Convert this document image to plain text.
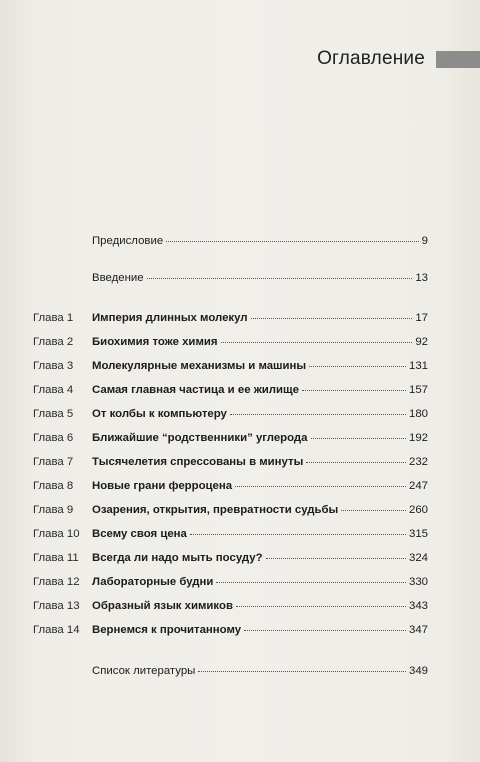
Оглавление
Предисловие	9
Введение	13
Глава 1 Империя длинных молекул	17
Глава 2 Биохимия тоже химия	92
Глава 3 Молекулярные механизмы и машины	131
Глава 4 Самая главная частица и ее жилище	157
Глава 5 От колбы к компьютеру	180
Глава 6 Ближайшие “родственники” углерода	192
Глава 7 Тысячелетия спрессованы в минуты	232
Глава 8 Новые грани ферроцена	247
Глава 9 Озарения, открытия, превратности судьбы	260
Глава 10 Всему своя цена	315
Глава 11 Всегда ли надо мыть посуду?	324
Глава 12 Лабораторные будни	330
Глава 13 Образный язык химиков	343
Глава 14 Вернемся к прочитанному	347
Список литературы	349
